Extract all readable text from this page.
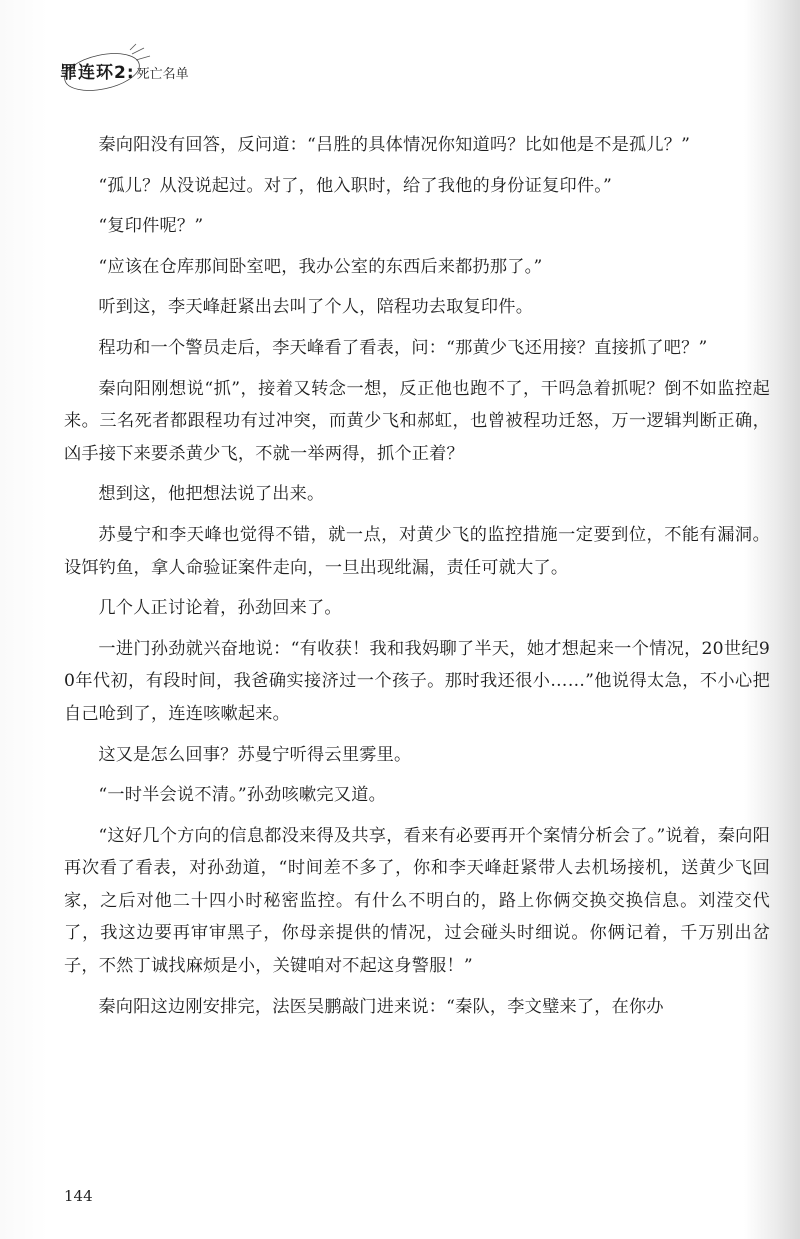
罪连环2: 死亡名单

秦向阳没有回答，反问道：“吕胜的具体情况你知道吗？比如他是不是孤儿？”

“孤儿？从没说起过。对了，他入职时，给了我他的身份证复印件。”

“复印件呢？”

“应该在仓库那间卧室吧，我办公室的东西后来都扔那了。”

听到这，李天峰赶紧出去叫了个人，陪程功去取复印件。

程功和一个警员走后，李天峰看了看表，问：“那黄少飞还用接？直接抓了吧？”

秦向阳刚想说“抓”，接着又转念一想，反正他也跑不了，干吗急着抓呢？倒不如监控起来。三名死者都跟程功有过冲突，而黄少飞和郝虹，也曾被程功迁怒，万一逻辑判断正确，凶手接下来要杀黄少飞，不就一举两得，抓个正着？

想到这，他把想法说了出来。

苏曼宁和李天峰也觉得不错，就一点，对黄少飞的监控措施一定要到位，不能有漏洞。设饵钓鱼，拿人命验证案件走向，一旦出现纰漏，责任可就大了。

几个人正讨论着，孙劲回来了。

一进门孙劲就兴奋地说：“有收获！我和我妈聊了半天，她才想起来一个情况，20世纪90年代初，有段时间，我爸确实接济过一个孩子。那时我还很小……”他说得太急，不小心把自己呛到了，连连咳嗽起来。

这又是怎么回事？苏曼宁听得云里雾里。

“一时半会说不清。”孙劲咳嗽完又道。

“这好几个方向的信息都没来得及共享，看来有必要再开个案情分析会了。”说着，秦向阳再次看了看表，对孙劲道，“时间差不多了，你和李天峰赶紧带人去机场接机，送黄少飞回家，之后对他二十四小时秘密监控。有什么不明白的，路上你俩交换交换信息。刘滢交代了，我这边要再审审黑子，你母亲提供的情况，过会碰头时细说。你俩记着，千万别出岔子，不然丁诚找麻烦是小，关键咱对不起这身警服！”

秦向阳这边刚安排完，法医吴鹏敲门进来说：“秦队，李文璧来了，在你办

144
